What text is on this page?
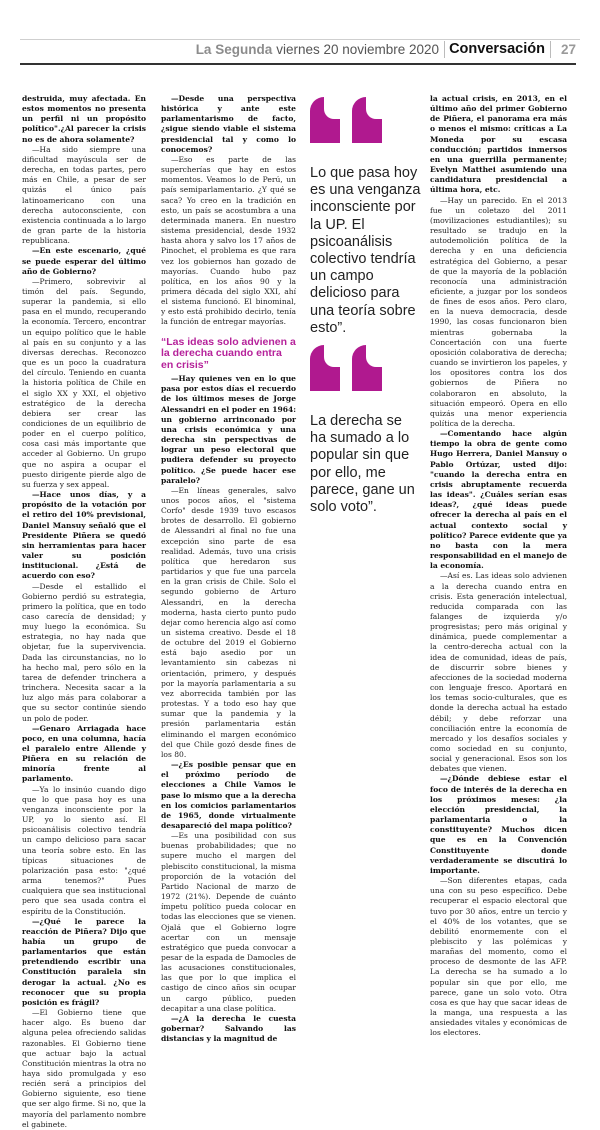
La Segunda viernes 20 noviembre 2020 Conversación 27

destruida, muy afectada. En estos momentos no presenta un perfil ni un propósito político".¿Al parecer la crisis no es de ahora solamente?

—Ha sido siempre una dificultad mayúscula ser de derecha, en todas partes, pero más en Chile, a pesar de ser quizás el único país latinoamericano con una derecha autoconsciente, con existencia continuada a lo largo de gran parte de la historia republicana.

—En este escenario, ¿qué se puede esperar del último año de Gobierno?

—Primero, sobrevivir al timón del país. Segundo, superar la pandemia, si ello pasa en el mundo, recuperando la economía. Tercero, encontrar un equipo político que le hable al país en su conjunto y a las diversas derechas. Reconozco que es un poco la cuadratura del círculo. Teniendo en cuanta la historia política de Chile en el siglo XX y XXI, el objetivo estratégico de la derecha debiera ser crear las condiciones de un equilibrio de poder en el cuerpo político, cosa casi más importante que acceder al Gobierno. Un grupo que no aspira a ocupar el puesto dirigente pierde algo de su fuerza y sex appeal.

—Hace unos días, y a propósito de la votación por el retiro del 10% previsional, Daniel Mansuy señaló que el Presidente Piñera se quedó sin herramientas para hacer valer su posición institucional. ¿Está de acuerdo con eso?

—Desde el estallido el Gobierno perdió su estrategia, primero la política, que en todo caso carecía de densidad; y muy luego la económica. Su estrategia, no hay nada que objetar, fue la supervivencia. Dada las circunstancias, no lo ha hecho mal, pero sólo en la tarea de defender trinchera a trinchera. Necesita sacar a la luz algo más para colaborar a que su sector continúe siendo un polo de poder.

—Genaro Arriagada hace poco, en una columna, hacía el paralelo entre Allende y Piñera en su relación de minoría frente al parlamento.

—Ya lo insinúo cuando digo que lo que pasa hoy es una venganza inconsciente por la UP, yo lo siento así. El psicoanálisis colectivo tendría un campo delicioso para sacar una teoría sobre esto. En las típicas situaciones de polarización pasa esto: "¿qué arma tenemos?" Pues cualquiera que sea institucional pero que sea usada contra el espíritu de la Constitución.

—¿Qué le parece la reacción de Piñera? Dijo que había un grupo de parlamentarios que están pretendiendo escribir una Constitución paralela sin derogar la actual. ¿No es reconocer que su propia posición es frágil?

—El Gobierno tiene que hacer algo. Es bueno dar alguna pelea ofreciendo salidas razonables. El Gobierno tiene que actuar bajo la actual Constitución mientras la otra no haya sido promulgada y eso recién será a principios del Gobierno siguiente, eso tiene que ser algo firme. Si no, que la mayoría del parlamento nombre el gabinete.

—Desde una perspectiva histórica y ante este parlamentarismo de facto, ¿sigue siendo viable el sistema presidencial tal y como lo conocemos?

—Eso es parte de las supercherías que hay en estos momentos. Veamos lo de Perú, un país semiparlamentario. ¿Y qué se saca? Yo creo en la tradición en esto, un país se acostumbra a una determinada manera. En nuestro sistema presidencial, desde 1932 hasta ahora y salvo los 17 años de Pinochet, el problema es que rara vez los gobiernos han gozado de mayorías. Cuando hubo paz política, en los años 90 y la primera década del siglo XXI, ahí el sistema funcionó. El binominal, y esto está prohibido decirlo, tenía la función de entregar mayorías.

“Las ideas solo advienen a la derecha cuando entra en crisis”

—Hay quienes ven en lo que pasa por estos días el recuerdo de los últimos meses de Jorge Alessandri en el poder en 1964: un gobierno arrinconado por una crisis económica y una derecha sin perspectivas de lograr un peso electoral que pudiera defender su proyecto político. ¿Se puede hacer ese paralelo?

—En líneas generales, salvo unos pocos años, el "sistema Corfo" desde 1939 tuvo escasos brotes de desarrollo. El gobierno de Alessandri al final no fue una excepción sino parte de esa realidad. Además, tuvo una crisis política que heredaron sus partidarios y que fue una parcela en la gran crisis de Chile. Solo el segundo gobierno de Arturo Alessandri, en la derecha moderna, hasta cierto punto pudo dejar como herencia algo así como un sistema creativo. Desde el 18 de octubre del 2019 el Gobierno está bajo asedio por un levantamiento sin cabezas ni orientación, primero, y después por la mayoría parlamentaria a su vez aborrecida también por las protestas. Y a todo eso hay que sumar que la pandemia y la presión parlamentaria están eliminando el margen económico del que Chile gozó desde fines de los 80.

—¿Es posible pensar que en el próximo período de elecciones a Chile Vamos le pase lo mismo que a la derecha en los comicios parlamentarios de 1965, donde virtualmente desapareció del mapa político?

—Es una posibilidad con sus buenas probabilidades; que no supere mucho el margen del plebiscito constitucional, la misma proporción de la votación del Partido Nacional de marzo de 1972 (21%). Depende de cuánto ímpetu político pueda colocar en todas las elecciones que se vienen. Ojalá que el Gobierno logre acertar con un mensaje estratégico que pueda convocar a pesar de la espada de Damocles de las acusaciones constitucionales, las que por lo que implica el castigo de cinco años sin ocupar un cargo público, pueden decapitar a una clase política.

—¿A la derecha le cuesta gobernar? Salvando las distancias y la magnitud de

Lo que pasa hoy es una venganza inconsciente por la UP. El psicoanálisis colectivo tendría un campo delicioso para una teoría sobre esto”.
La derecha se ha sumado a lo popular sin que por ello, me parece, gane un solo voto”.

la actual crisis, en 2013, en el último año del primer Gobierno de Piñera, el panorama era más o menos el mismo: críticas a La Moneda por su escasa conducción; partidos inmersos en una guerrilla permanente; Evelyn Matthei asumiendo una candidatura presidencial a última hora, etc.

—Hay un parecido. En el 2013 fue un coletazo del 2011 (movilizaciones estudiantiles); su resultado se tradujo en la autodemolición política de la derecha y en una deficiencia estratégica del Gobierno, a pesar de que la mayoría de la población reconocía una administración eficiente, a juzgar por los sondeos de fines de esos años. Pero claro, en la nueva democracia, desde 1990, las cosas funcionaron bien mientras gobernaba la Concertación con una fuerte oposición colaborativa de derecha; cuando se invirtieron los papeles, y los opositores contra los dos gobiernos de Piñera no colaboraron en absoluto, la situación empeoró. Opera en ello quizás una menor experiencia política de la derecha.

—Comentando hace algún tiempo la obra de gente como Hugo Herrera, Daniel Mansuy o Pablo Ortúzar, usted dijo: "cuando la derecha entra en crisis abruptamente recuerda las ideas". ¿Cuáles serían esas ideas?, ¿qué ideas puede ofrecer la derecha al país en el actual contexto social y político? Parece evidente que ya no basta con la mera responsabilidad en el manejo de la economía.

—Así es. Las ideas solo advienen a la derecha cuando entra en crisis. Esta generación intelectual, reducida comparada con las falanges de izquierda y/o progresistas; pero más original y dinámica, puede complementar a la centro-derecha actual con la idea de comunidad, ideas de país, de discurrir sobre bienes y afecciones de la sociedad moderna con lenguaje fresco. Aportará en los temas socio-culturales, que es donde la derecha actual ha estado débil; y debe reforzar una conciliación entre la economía de mercado y los desafíos sociales y como sociedad en su conjunto, social y generacional. Esos son los debates que vienen.

—¿Dónde debiese estar el foco de interés de la derecha en los próximos meses: ¿la elección presidencial, la parlamentaria o la constituyente? Muchos dicen que es en la Convención Constituyente donde verdaderamente se discutirá lo importante.

—Son diferentes etapas, cada una con su peso específico. Debe recuperar el espacio electoral que tuvo por 30 años, entre un tercio y el 40% de los votantes, que se debilitó enormemente con el plebiscito y las polémicas y marañas del momento, como el proceso de desmonte de las AFP. La derecha se ha sumado a lo popular sin que por ello, me parece, gane un solo voto. Otra cosa es que hay que sacar ideas de la manga, una respuesta a las ansiedades vitales y económicas de los electores.
